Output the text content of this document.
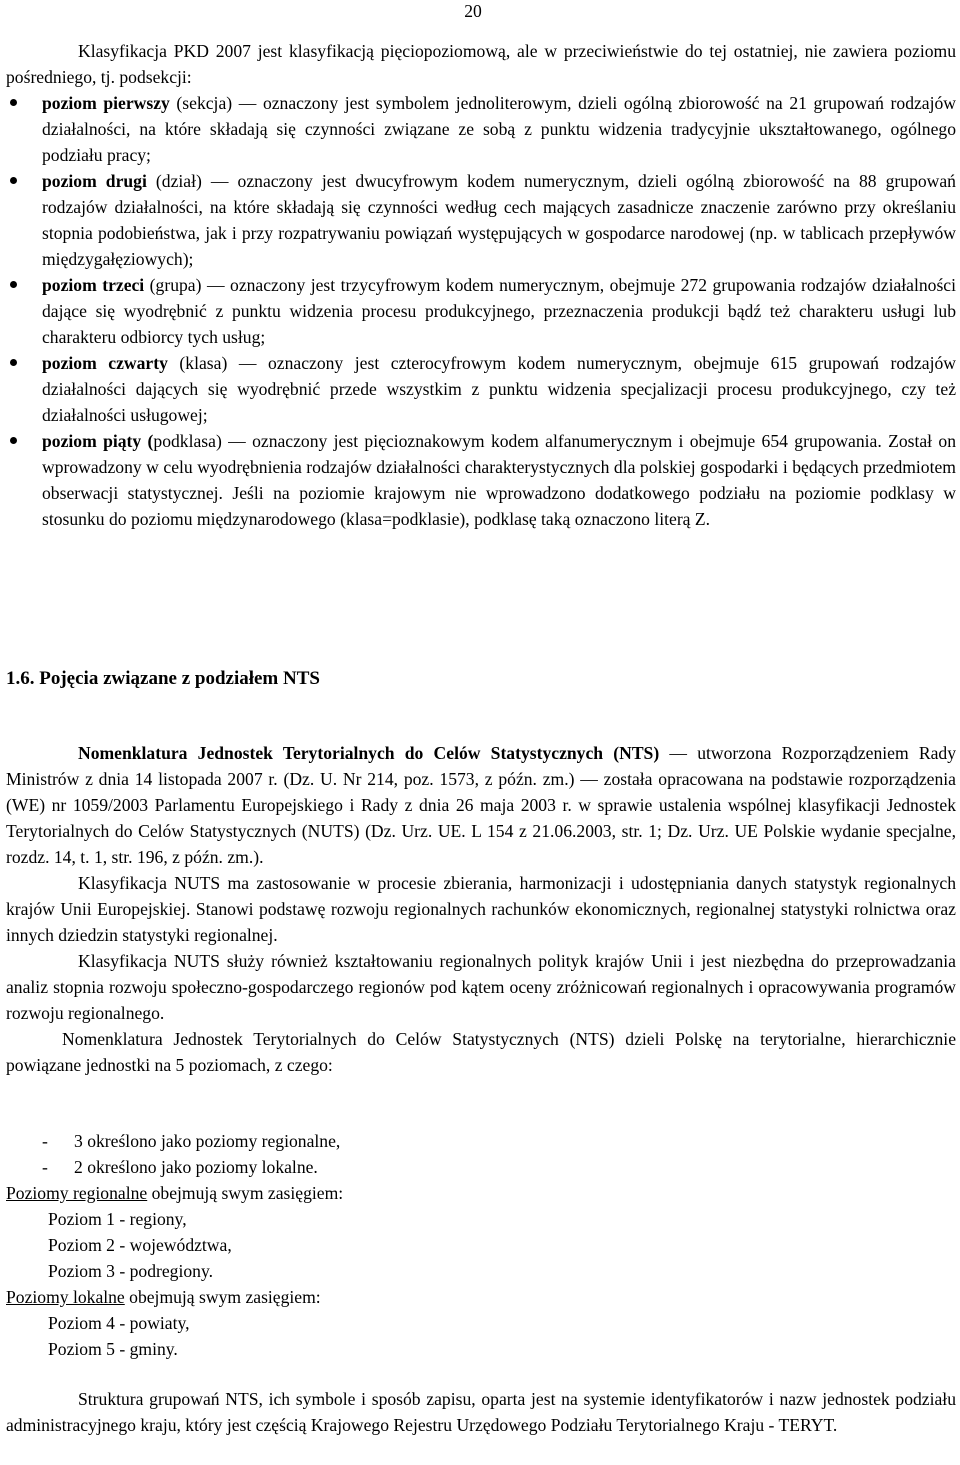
20

Klasyfikacja PKD 2007 jest klasyfikacją pięciopoziomową, ale w przeciwieństwie do tej ostatniej, nie zawiera poziomu pośredniego, tj. podsekcji:

poziom pierwszy (sekcja) — oznaczony jest symbolem jednoliterowym, dzieli ogólną zbiorowość na 21 grupowań rodzajów działalności, na które składają się czynności związane ze sobą z punktu widzenia tradycyjnie ukształtowanego, ogólnego podziału pracy;
poziom drugi (dział) — oznaczony jest dwucyfrowym kodem numerycznym, dzieli ogólną zbiorowość na 88 grupowań rodzajów działalności, na które składają się czynności według cech mających zasadnicze znaczenie zarówno przy określaniu stopnia podobieństwa, jak i przy rozpatrywaniu powiązań występujących w gospodarce narodowej (np. w tablicach przepływów międzygałęziowych);
poziom trzeci (grupa) — oznaczony jest trzycyfrowym kodem numerycznym, obejmuje 272 grupowania rodzajów działalności dające się wyodrębnić z punktu widzenia procesu produkcyjnego, przeznaczenia produkcji bądź też charakteru usługi lub charakteru odbiorcy tych usług;
poziom czwarty (klasa) — oznaczony jest czterocyfrowym kodem numerycznym, obejmuje 615 grupowań rodzajów działalności dających się wyodrębnić przede wszystkim z punktu widzenia specjalizacji procesu produkcyjnego, czy też działalności usługowej;
poziom piąty (podklasa) — oznaczony jest pięcioznakowym kodem alfanumerycznym i obejmuje 654 grupowania. Został on wprowadzony w celu wyodrębnienia rodzajów działalności charakterystycznych dla polskiej gospodarki i będących przedmiotem obserwacji statystycznej. Jeśli na poziomie krajowym nie wprowadzono dodatkowego podziału na poziomie podklasy w stosunku do poziomu międzynarodowego (klasa=podklasie), podklasę taką oznaczono literą Z.
1.6. Pojęcia związane z podziałem NTS

Nomenklatura Jednostek Terytorialnych do Celów Statystycznych (NTS) — utworzona Rozporządzeniem Rady Ministrów z dnia 14 listopada 2007 r. (Dz. U. Nr 214, poz. 1573, z późn. zm.) — została opracowana na podstawie rozporządzenia (WE) nr 1059/2003 Parlamentu Europejskiego i Rady z dnia 26 maja 2003 r. w sprawie ustalenia wspólnej klasyfikacji Jednostek Terytorialnych do Celów Statystycznych (NUTS) (Dz. Urz. UE. L 154 z 21.06.2003, str. 1; Dz. Urz. UE Polskie wydanie specjalne, rozdz. 14, t. 1, str. 196, z późn. zm.).

Klasyfikacja NUTS ma zastosowanie w procesie zbierania, harmonizacji i udostępniania danych statystyk regionalnych krajów Unii Europejskiej. Stanowi podstawę rozwoju regionalnych rachunków ekonomicznych, regionalnej statystyki rolnictwa oraz innych dziedzin statystyki regionalnej.

Klasyfikacja NUTS służy również kształtowaniu regionalnych polityk krajów Unii i jest niezbędna do przeprowadzania analiz stopnia rozwoju społeczno-gospodarczego regionów pod kątem oceny zróżnicowań regionalnych i opracowywania programów rozwoju regionalnego.

Nomenklatura Jednostek Terytorialnych do Celów Statystycznych (NTS) dzieli Polskę na terytorialne, hierarchicznie powiązane jednostki na 5 poziomach, z czego:

- 3 określono jako poziomy regionalne,
- 2 określono jako poziomy lokalne.

Poziomy regionalne obejmują swym zasięgiem:

Poziom 1 - regiony,
Poziom 2 - województwa,
Poziom 3 - podregiony.

Poziomy lokalne obejmują swym zasięgiem:

Poziom 4 - powiaty,
Poziom 5 - gminy.

Struktura grupowań NTS, ich symbole i sposób zapisu, oparta jest na systemie identyfikatorów i nazw jednostek podziału administracyjnego kraju, który jest częścią Krajowego Rejestru Urzędowego Podziału Terytorialnego Kraju - TERYT.
